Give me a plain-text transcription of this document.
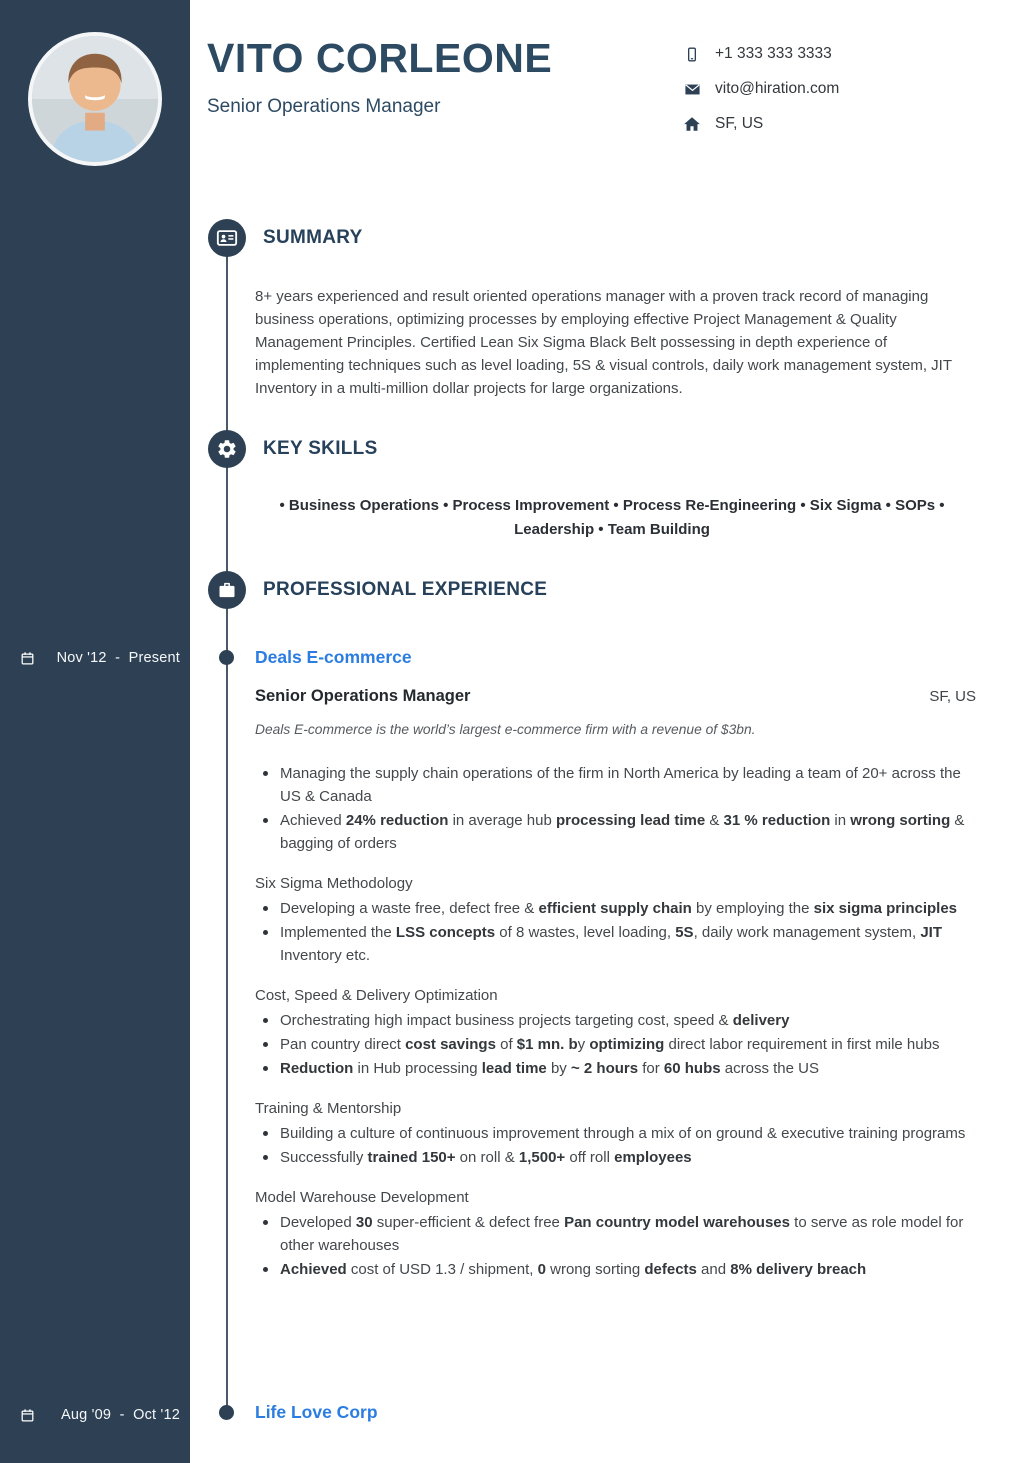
Nov '12  -  Present
Aug '09  -  Oct '12
VITO CORLEONE
Senior Operations Manager
+1 333 333 3333
vito@hiration.com
SF, US
SUMMARY

8+ years experienced and result oriented operations manager with a proven track record of managing business operations, optimizing processes by employing effective Project Management & Quality Management Principles. Certified Lean Six Sigma Black Belt possessing in depth experience of implementing techniques such as level loading, 5S & visual controls, daily work management system, JIT Inventory in a multi-million dollar projects for large organizations.

KEY SKILLS
• Business Operations • Process Improvement • Process Re-Engineering • Six Sigma • SOPs • Leadership • Team Building
PROFESSIONAL EXPERIENCE
Deals E-commerce
Senior Operations Manager	SF, US
Deals E-commerce is the world’s largest e-commerce firm with a revenue of $3bn.
Managing the supply chain operations of the firm in North America by leading a team of 20+ across the US & Canada
Achieved 24% reduction in average hub processing lead time & 31 % reduction in wrong sorting & bagging of orders
Six Sigma Methodology
Developing a waste free, defect free & efficient supply chain by employing the six sigma principles
Implemented the LSS concepts of 8 wastes, level loading, 5S, daily work management system, JIT Inventory etc.
Cost, Speed & Delivery Optimization
Orchestrating high impact business projects targeting cost, speed & delivery
Pan country direct cost savings of $1 mn. by optimizing direct labor requirement in first mile hubs
Reduction in Hub processing lead time by ~ 2 hours for 60 hubs across the US
Training & Mentorship
Building a culture of continuous improvement through a mix of on ground & executive training programs
Successfully trained 150+ on roll & 1,500+ off roll employees
Model Warehouse Development
Developed 30 super-efficient & defect free Pan country model warehouses to serve as role model for other warehouses
Achieved cost of USD 1.3 / shipment, 0 wrong sorting defects and 8% delivery breach
Life Love Corp
